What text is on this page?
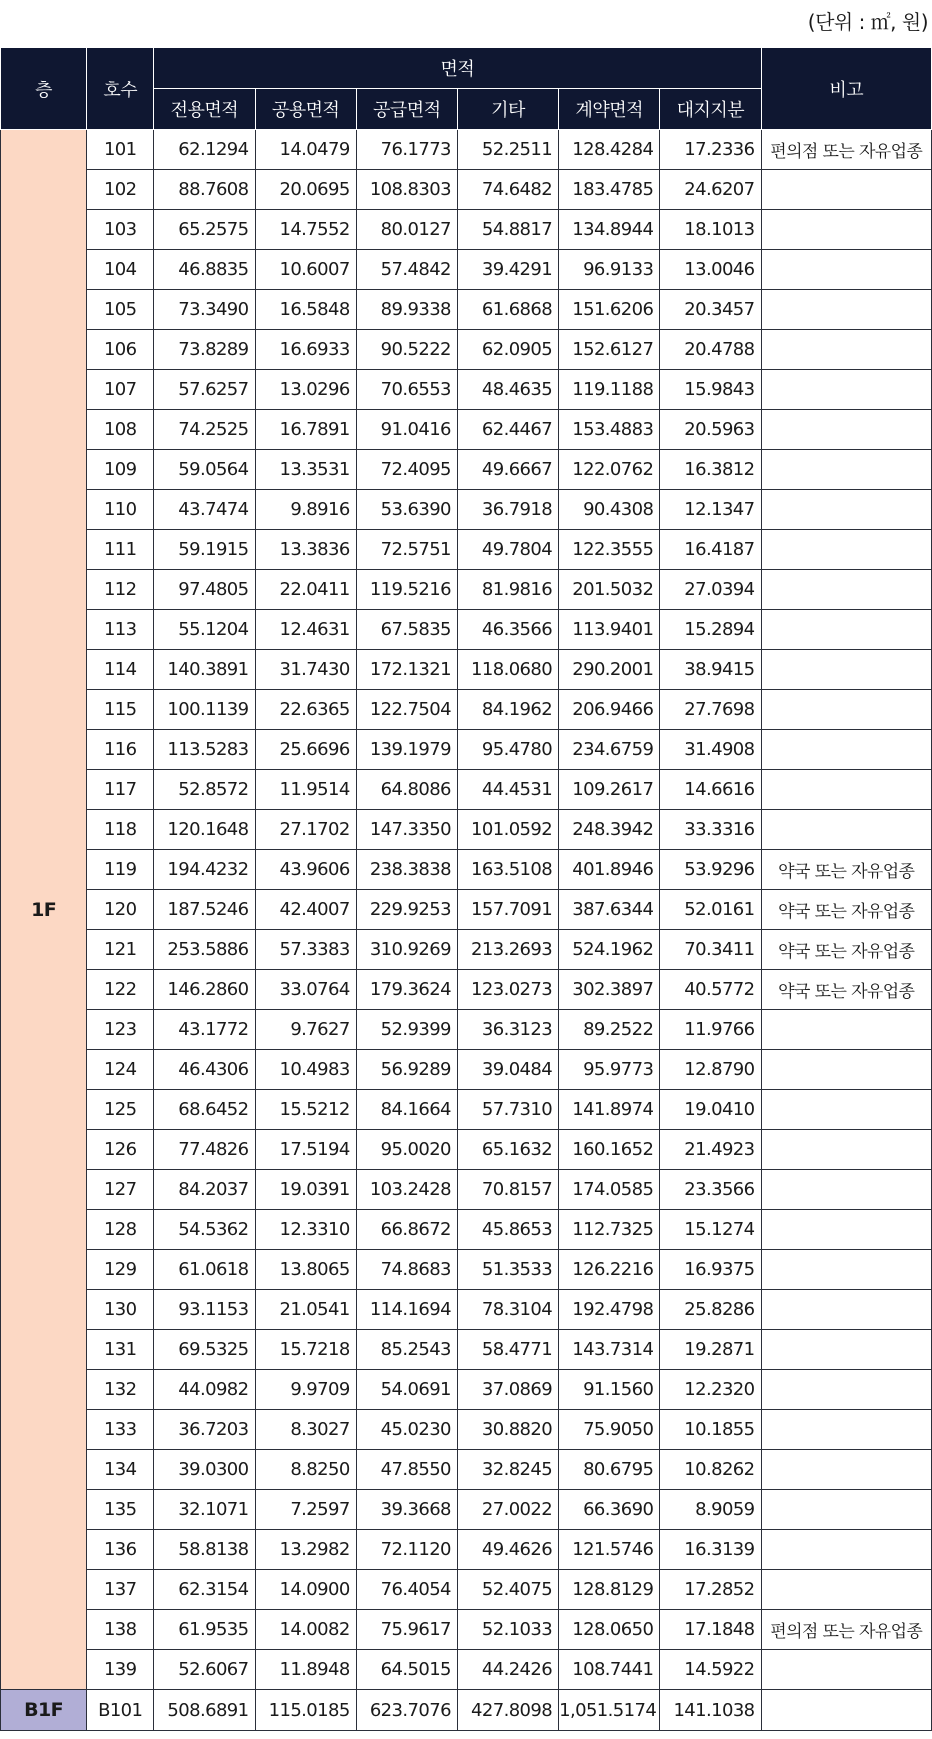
(단위 : ㎡, 원)
층	호수	면적						비고
		전용면적	공용면적	공급면적	기타	계약면적	대지지분	
1F	101	62.1294	14.0479	76.1773	52.2511	128.4284	17.2336	편의점 또는 자유업종
	102	88.7608	20.0695	108.8303	74.6482	183.4785	24.6207	
	103	65.2575	14.7552	80.0127	54.8817	134.8944	18.1013	
	104	46.8835	10.6007	57.4842	39.4291	96.9133	13.0046	
	105	73.3490	16.5848	89.9338	61.6868	151.6206	20.3457	
	106	73.8289	16.6933	90.5222	62.0905	152.6127	20.4788	
	107	57.6257	13.0296	70.6553	48.4635	119.1188	15.9843	
	108	74.2525	16.7891	91.0416	62.4467	153.4883	20.5963	
	109	59.0564	13.3531	72.4095	49.6667	122.0762	16.3812	
	110	43.7474	9.8916	53.6390	36.7918	90.4308	12.1347	
	111	59.1915	13.3836	72.5751	49.7804	122.3555	16.4187	
	112	97.4805	22.0411	119.5216	81.9816	201.5032	27.0394	
	113	55.1204	12.4631	67.5835	46.3566	113.9401	15.2894	
	114	140.3891	31.7430	172.1321	118.0680	290.2001	38.9415	
	115	100.1139	22.6365	122.7504	84.1962	206.9466	27.7698	
	116	113.5283	25.6696	139.1979	95.4780	234.6759	31.4908	
	117	52.8572	11.9514	64.8086	44.4531	109.2617	14.6616	
	118	120.1648	27.1702	147.3350	101.0592	248.3942	33.3316	
	119	194.4232	43.9606	238.3838	163.5108	401.8946	53.9296	약국 또는 자유업종
	120	187.5246	42.4007	229.9253	157.7091	387.6344	52.0161	약국 또는 자유업종
	121	253.5886	57.3383	310.9269	213.2693	524.1962	70.3411	약국 또는 자유업종
	122	146.2860	33.0764	179.3624	123.0273	302.3897	40.5772	약국 또는 자유업종
	123	43.1772	9.7627	52.9399	36.3123	89.2522	11.9766	
	124	46.4306	10.4983	56.9289	39.0484	95.9773	12.8790	
	125	68.6452	15.5212	84.1664	57.7310	141.8974	19.0410	
	126	77.4826	17.5194	95.0020	65.1632	160.1652	21.4923	
	127	84.2037	19.0391	103.2428	70.8157	174.0585	23.3566	
	128	54.5362	12.3310	66.8672	45.8653	112.7325	15.1274	
	129	61.0618	13.8065	74.8683	51.3533	126.2216	16.9375	
	130	93.1153	21.0541	114.1694	78.3104	192.4798	25.8286	
	131	69.5325	15.7218	85.2543	58.4771	143.7314	19.2871	
	132	44.0982	9.9709	54.0691	37.0869	91.1560	12.2320	
	133	36.7203	8.3027	45.0230	30.8820	75.9050	10.1855	
	134	39.0300	8.8250	47.8550	32.8245	80.6795	10.8262	
	135	32.1071	7.2597	39.3668	27.0022	66.3690	8.9059	
	136	58.8138	13.2982	72.1120	49.4626	121.5746	16.3139	
	137	62.3154	14.0900	76.4054	52.4075	128.8129	17.2852	
	138	61.9535	14.0082	75.9617	52.1033	128.0650	17.1848	편의점 또는 자유업종
	139	52.6067	11.8948	64.5015	44.2426	108.7441	14.5922	
B1F	B101	508.6891	115.0185	623.7076	427.8098	1,051.5174	141.1038	
